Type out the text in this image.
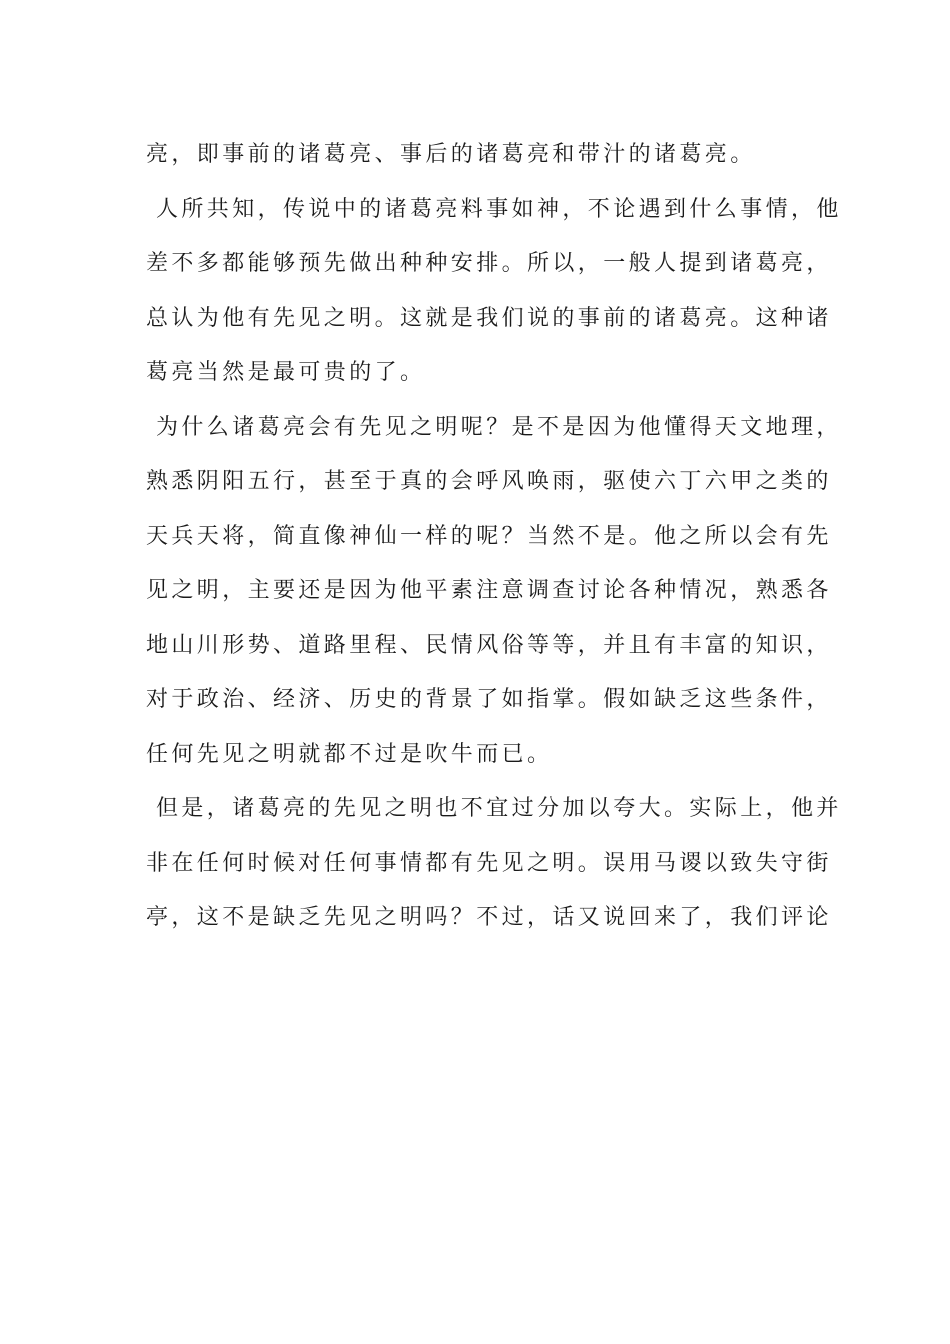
亮，即事前的诸葛亮、事后的诸葛亮和带汁的诸葛亮。
人所共知，传说中的诸葛亮料事如神，不论遇到什么事情，他
差不多都能够预先做出种种安排。所以，一般人提到诸葛亮，
总认为他有先见之明。这就是我们说的事前的诸葛亮。这种诸
葛亮当然是最可贵的了。
为什么诸葛亮会有先见之明呢？是不是因为他懂得天文地理，
熟悉阴阳五行，甚至于真的会呼风唤雨，驱使六丁六甲之类的
天兵天将，简直像神仙一样的呢？当然不是。他之所以会有先
见之明，主要还是因为他平素注意调查讨论各种情况，熟悉各
地山川形势、道路里程、民情风俗等等，并且有丰富的知识，
对于政治、经济、历史的背景了如指掌。假如缺乏这些条件，
任何先见之明就都不过是吹牛而已。
但是，诸葛亮的先见之明也不宜过分加以夸大。实际上，他并
非在任何时候对任何事情都有先见之明。误用马谡以致失守街
亭，这不是缺乏先见之明吗？不过，话又说回来了，我们评论
